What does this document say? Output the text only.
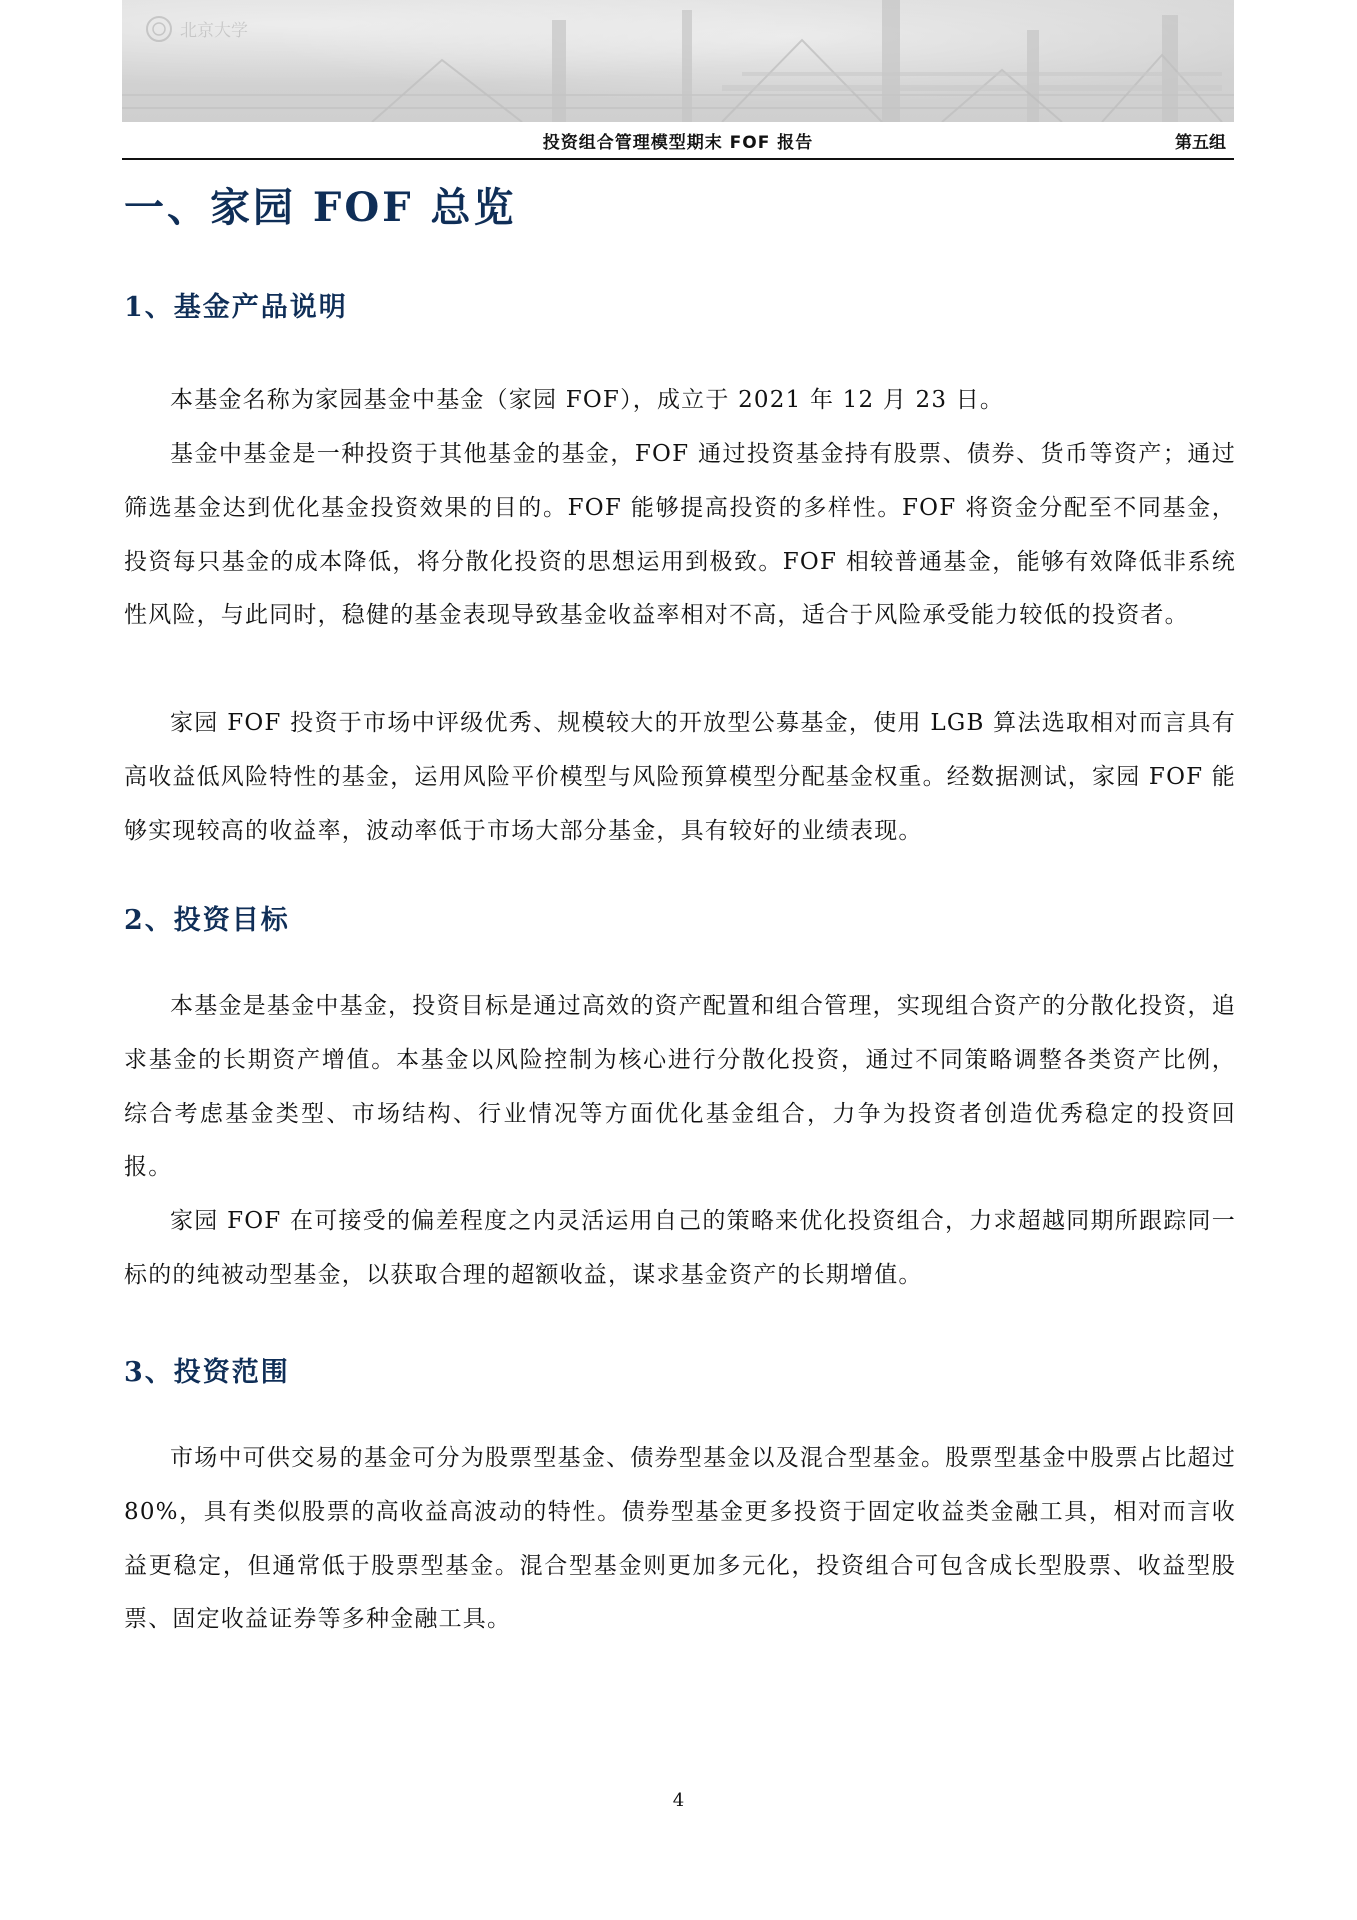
北京大学
投资组合管理模型期末 FOF 报告	第五组
一、家园 FOF 总览
1、基金产品说明

本基金名称为家园基金中基金（家园 FOF），成立于 2021 年 12 月 23 日。

基金中基金是一种投资于其他基金的基金，FOF 通过投资基金持有股票、债券、货币等资产；通过筛选基金达到优化基金投资效果的目的。FOF 能够提高投资的多样性。FOF 将资金分配至不同基金，投资每只基金的成本降低，将分散化投资的思想运用到极致。FOF 相较普通基金，能够有效降低非系统性风险，与此同时，稳健的基金表现导致基金收益率相对不高，适合于风险承受能力较低的投资者。

家园 FOF 投资于市场中评级优秀、规模较大的开放型公募基金，使用 LGB 算法选取相对而言具有高收益低风险特性的基金，运用风险平价模型与风险预算模型分配基金权重。经数据测试，家园 FOF 能够实现较高的收益率，波动率低于市场大部分基金，具有较好的业绩表现。

2、投资目标

本基金是基金中基金，投资目标是通过高效的资产配置和组合管理，实现组合资产的分散化投资，追求基金的长期资产增值。本基金以风险控制为核心进行分散化投资，通过不同策略调整各类资产比例，综合考虑基金类型、市场结构、行业情况等方面优化基金组合，力争为投资者创造优秀稳定的投资回报。

家园 FOF 在可接受的偏差程度之内灵活运用自己的策略来优化投资组合，力求超越同期所跟踪同一标的的纯被动型基金，以获取合理的超额收益，谋求基金资产的长期增值。

3、投资范围

市场中可供交易的基金可分为股票型基金、债券型基金以及混合型基金。股票型基金中股票占比超过 80%，具有类似股票的高收益高波动的特性。债券型基金更多投资于固定收益类金融工具，相对而言收益更稳定，但通常低于股票型基金。混合型基金则更加多元化，投资组合可包含成长型股票、收益型股票、固定收益证券等多种金融工具。

4
